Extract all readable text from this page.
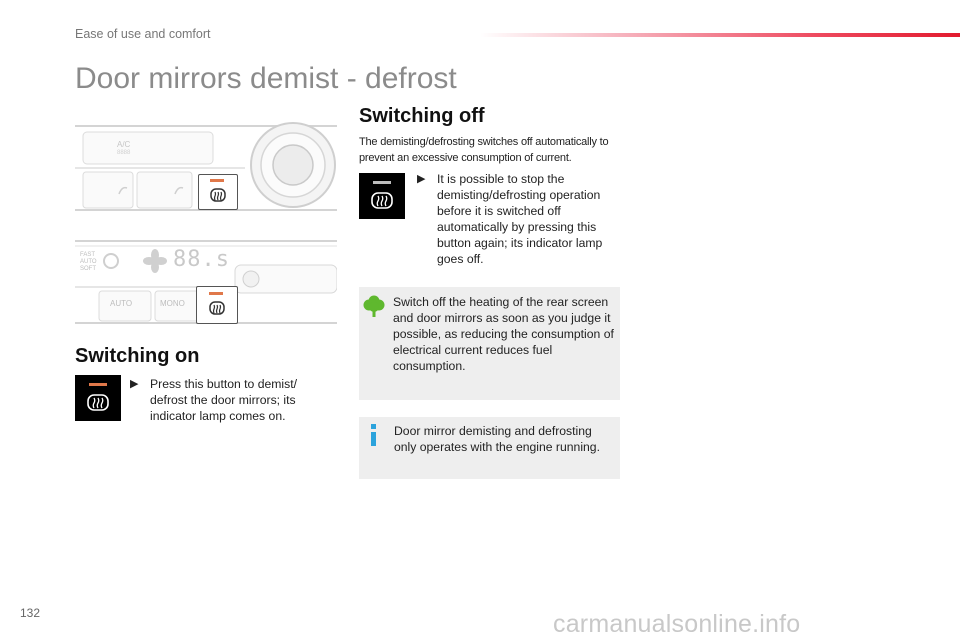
Ease of use and comfort
Door mirrors demist - defrost
A/C
8888
FAST
AUTO
SOFT	88.s
AUTO	MONO
Switching on
▶ Press this button to demist/ defrost the door mirrors; its indicator lamp comes on.
Switching off
The demisting/defrosting switches off automatically to prevent an excessive consumption of current.
▶ It is possible to stop the demisting/defrosting operation before it is switched off automatically by pressing this button again; its indicator lamp goes off.
Switch off the heating of the rear screen and door mirrors as soon as you judge it possible, as reducing the consumption of electrical current reduces fuel consumption.
Door mirror demisting and defrosting only operates with the engine running.
132	carmanualsonline.info
